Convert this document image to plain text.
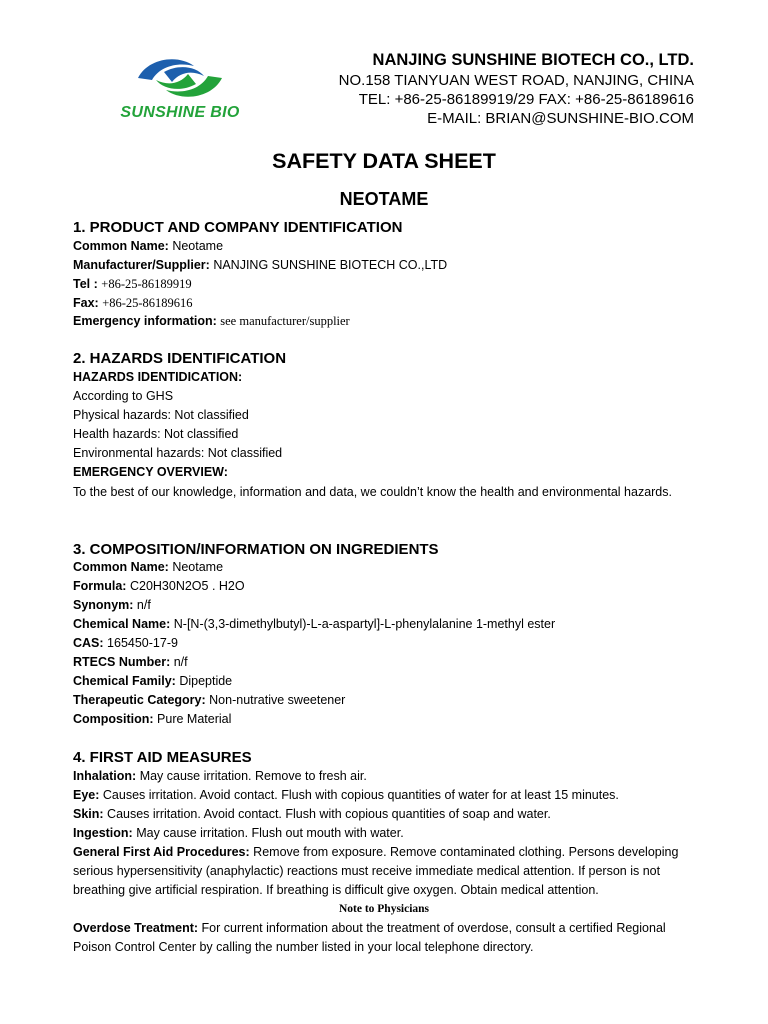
SUNSHINE BIO
NANJING SUNSHINE BIOTECH CO., LTD.
NO.158 TIANYUAN WEST ROAD, NANJING, CHINA
TEL: +86-25-86189919/29 FAX: +86-25-86189616
E-MAIL: BRIAN@SUNSHINE-BIO.COM
SAFETY DATA SHEET
NEOTAME
1. PRODUCT AND COMPANY IDENTIFICATION
Common Name: Neotame
Manufacturer/Supplier: NANJING SUNSHINE BIOTECH CO.,LTD
Tel : +86-25-86189919
Fax: +86-25-86189616
Emergency information: see manufacturer/supplier
2. HAZARDS IDENTIFICATION
HAZARDS IDENTIDICATION:
According to GHS
Physical hazards: Not classified
Health hazards: Not classified
Environmental hazards: Not classified
EMERGENCY OVERVIEW:
To the best of our knowledge, information and data, we couldn’t know the health and environmental hazards.
3. COMPOSITION/INFORMATION ON INGREDIENTS
Common Name: Neotame
Formula: C20H30N2O5 . H2O
Synonym: n/f
Chemical Name: N-[N-(3,3-dimethylbutyl)-L-a-aspartyl]-L-phenylalanine 1-methyl ester
CAS: 165450-17-9
RTECS Number: n/f
Chemical Family: Dipeptide
Therapeutic Category: Non-nutrative sweetener
Composition: Pure Material
4. FIRST AID MEASURES
Inhalation: May cause irritation. Remove to fresh air.
Eye: Causes irritation. Avoid contact. Flush with copious quantities of water for at least 15 minutes.
Skin: Causes irritation. Avoid contact. Flush with copious quantities of soap and water.
Ingestion: May cause irritation. Flush out mouth with water.
General First Aid Procedures: Remove from exposure. Remove contaminated clothing. Persons developing
serious hypersensitivity (anaphylactic) reactions must receive immediate medical attention. If person is not
breathing give artificial respiration. If breathing is difficult give oxygen. Obtain medical attention.
Note to Physicians
Overdose Treatment: For current information about the treatment of overdose, consult a certified Regional
Poison Control Center by calling the number listed in your local telephone directory.
